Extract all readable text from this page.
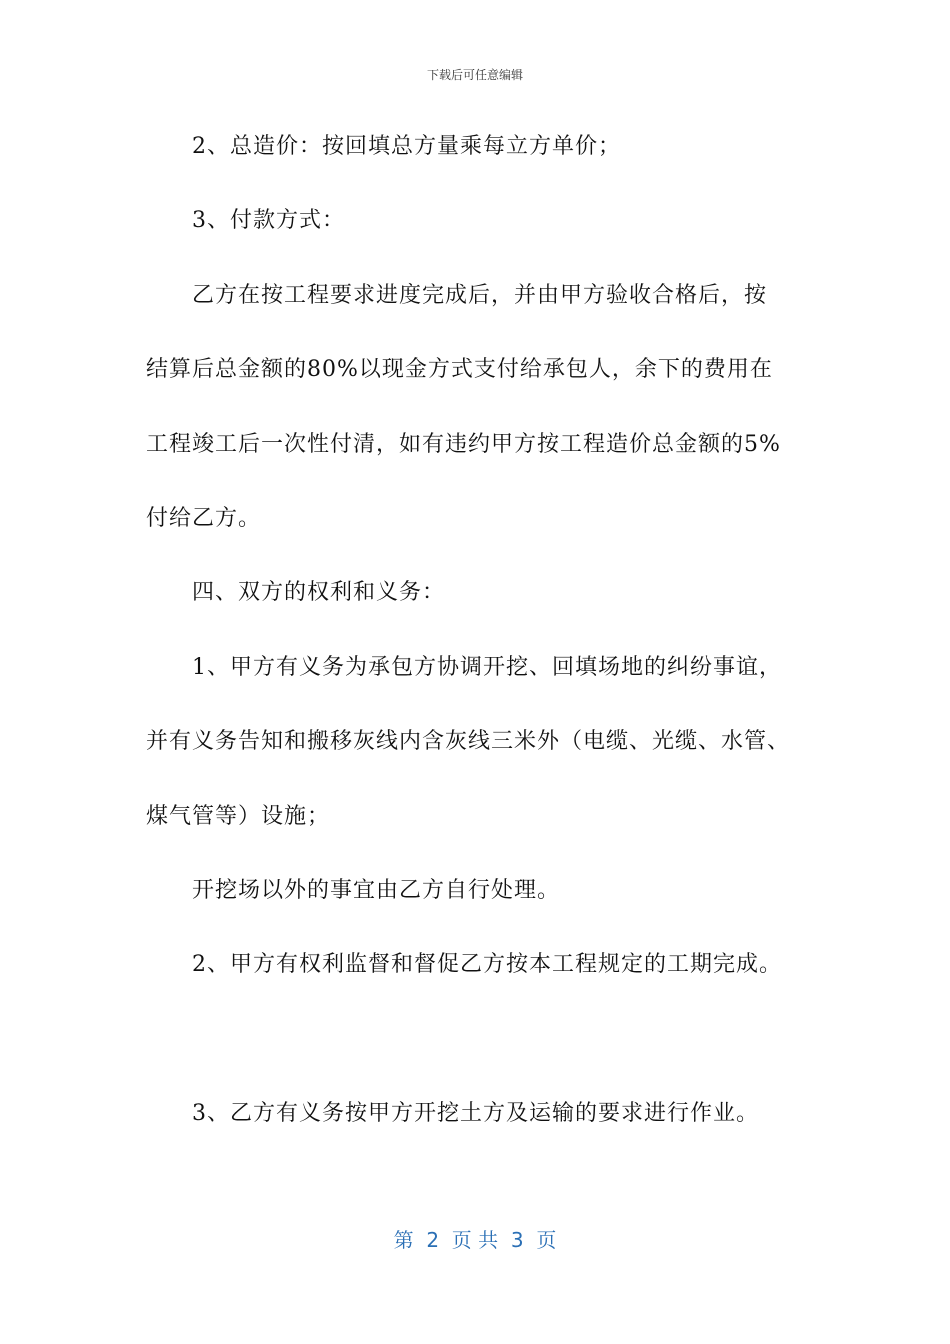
下载后可任意编辑
2、总造价：按回填总方量乘每立方单价；
3、付款方式：
乙方在按工程要求进度完成后，并由甲方验收合格后，按
结算后总金额的80%以现金方式支付给承包人，余下的费用在
工程竣工后一次性付清，如有违约甲方按工程造价总金额的5%
付给乙方。
四、双方的权利和义务：
1、甲方有义务为承包方协调开挖、回填场地的纠纷事谊，
并有义务告知和搬移灰线内含灰线三米外（电缆、光缆、水管、
煤气管等）设施；
开挖场以外的事宜由乙方自行处理。
2、甲方有权利监督和督促乙方按本工程规定的工期完成。
3、乙方有义务按甲方开挖土方及运输的要求进行作业。
第  2  页 共  3  页
